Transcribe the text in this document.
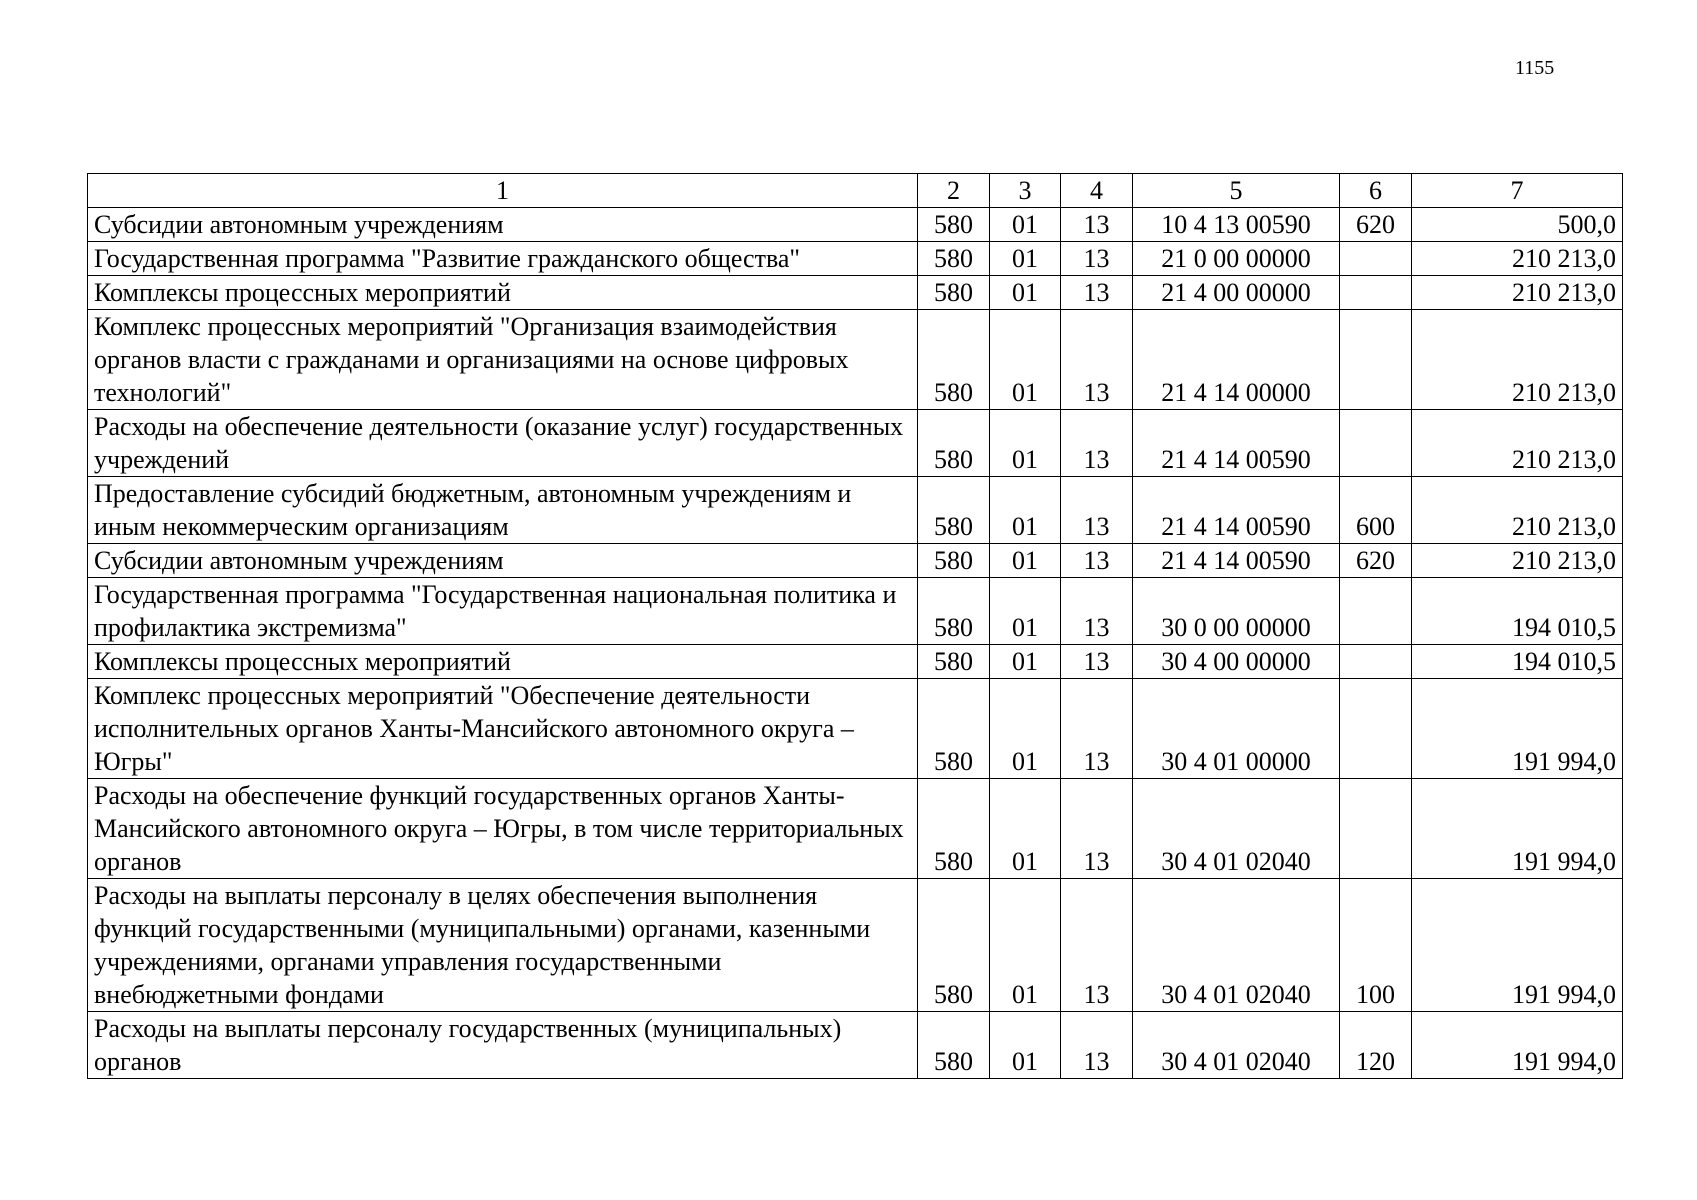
1155
1	2	3	4	5	6	7
Субсидии автономным учреждениям	580	01	13	10 4 13 00590	620	500,0
Государственная программа "Развитие гражданского общества"	580	01	13	21 0 00 00000		210 213,0
Комплексы процессных мероприятий	580	01	13	21 4 00 00000		210 213,0
Комплекс процессных мероприятий "Организация взаимодействия органов власти с гражданами и организациями на основе цифровых технологий"	580	01	13	21 4 14 00000		210 213,0
Расходы на обеспечение деятельности (оказание услуг) государственных учреждений	580	01	13	21 4 14 00590		210 213,0
Предоставление субсидий бюджетным, автономным учреждениям и иным некоммерческим организациям	580	01	13	21 4 14 00590	600	210 213,0
Субсидии автономным учреждениям	580	01	13	21 4 14 00590	620	210 213,0
Государственная программа "Государственная национальная политика и профилактика экстремизма"	580	01	13	30 0 00 00000		194 010,5
Комплексы процессных мероприятий	580	01	13	30 4 00 00000		194 010,5
Комплекс процессных мероприятий "Обеспечение деятельности исполнительных органов Ханты-Мансийского автономного округа – Югры"	580	01	13	30 4 01 00000		191 994,0
Расходы на обеспечение функций государственных органов Ханты-Мансийского автономного округа – Югры, в том числе территориальных органов	580	01	13	30 4 01 02040		191 994,0
Расходы на выплаты персоналу в целях обеспечения выполнения функций государственными (муниципальными) органами, казенными учреждениями, органами управления государственными внебюджетными фондами	580	01	13	30 4 01 02040	100	191 994,0
Расходы на выплаты персоналу государственных (муниципальных) органов	580	01	13	30 4 01 02040	120	191 994,0
